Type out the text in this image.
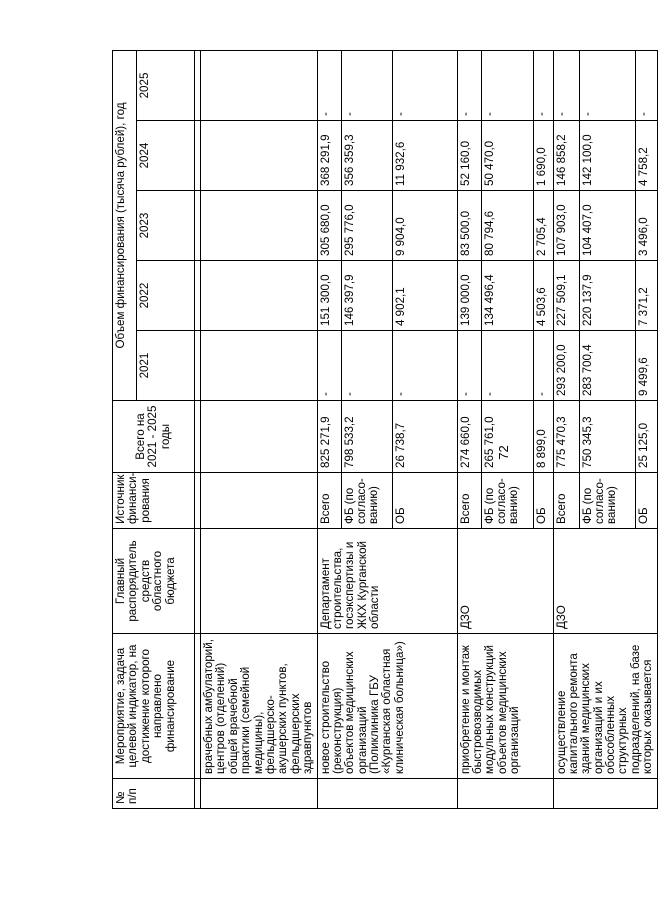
72
№ п/п	Мероприятие, задача целевой индикатор, на достижение которого направлено финансирование	Главный распорядитель средств областного бюджета	Источник финанси-рования	Всего на 2021 - 2025 годы	Объем финансирования (тысяча рублей), год				
					2021	2022	2023	2024	2025

	врачебных амбулаторий, центров (отделений) общей врачебной практики (семейной медицины), фельдшерско-акушерских пунктов, фельдшерских здравпунктов								
	новое строительство (реконструкция) объектов медицинских организаций (Поликлиника ГБУ «Курганская областная клиническая больница»)	Департамент строительства, госэкспертизы и ЖКХ Курганской области	Всего	825 271,9	-	151 300,0	305 680,0	368 291,9	-
			ФБ (по согласо-ванию)	798 533,2	-	146 397,9	295 776,0	356 359,3	-
			ОБ	26 738,7	-	4 902,1	9 904,0	11 932,6	-
	приобретение и монтаж быстровозводимых модульных конструкций объектов медицинских организаций	ДЗО	Всего	274 660,0	-	139 000,0	83 500,0	52 160,0	-
			ФБ (по согласо-ванию)	265 761,0	-	134 496,4	80 794,6	50 470,0	-
			ОБ	8 899,0	-	4 503,6	2 705,4	1 690,0	-
	осуществление капитального ремонта зданий медицинских организаций и их обособленных структурных подразделений, на базе которых оказывается	ДЗО	Всего	775 470,3	293 200,0	227 509,1	107 903,0	146 858,2	-
			ФБ (по согласо-ванию)	750 345,3	283 700,4	220 137,9	104 407,0	142 100,0	-
			ОБ	25 125,0	9 499,6	7 371,2	3 496,0	4 758,2	-
